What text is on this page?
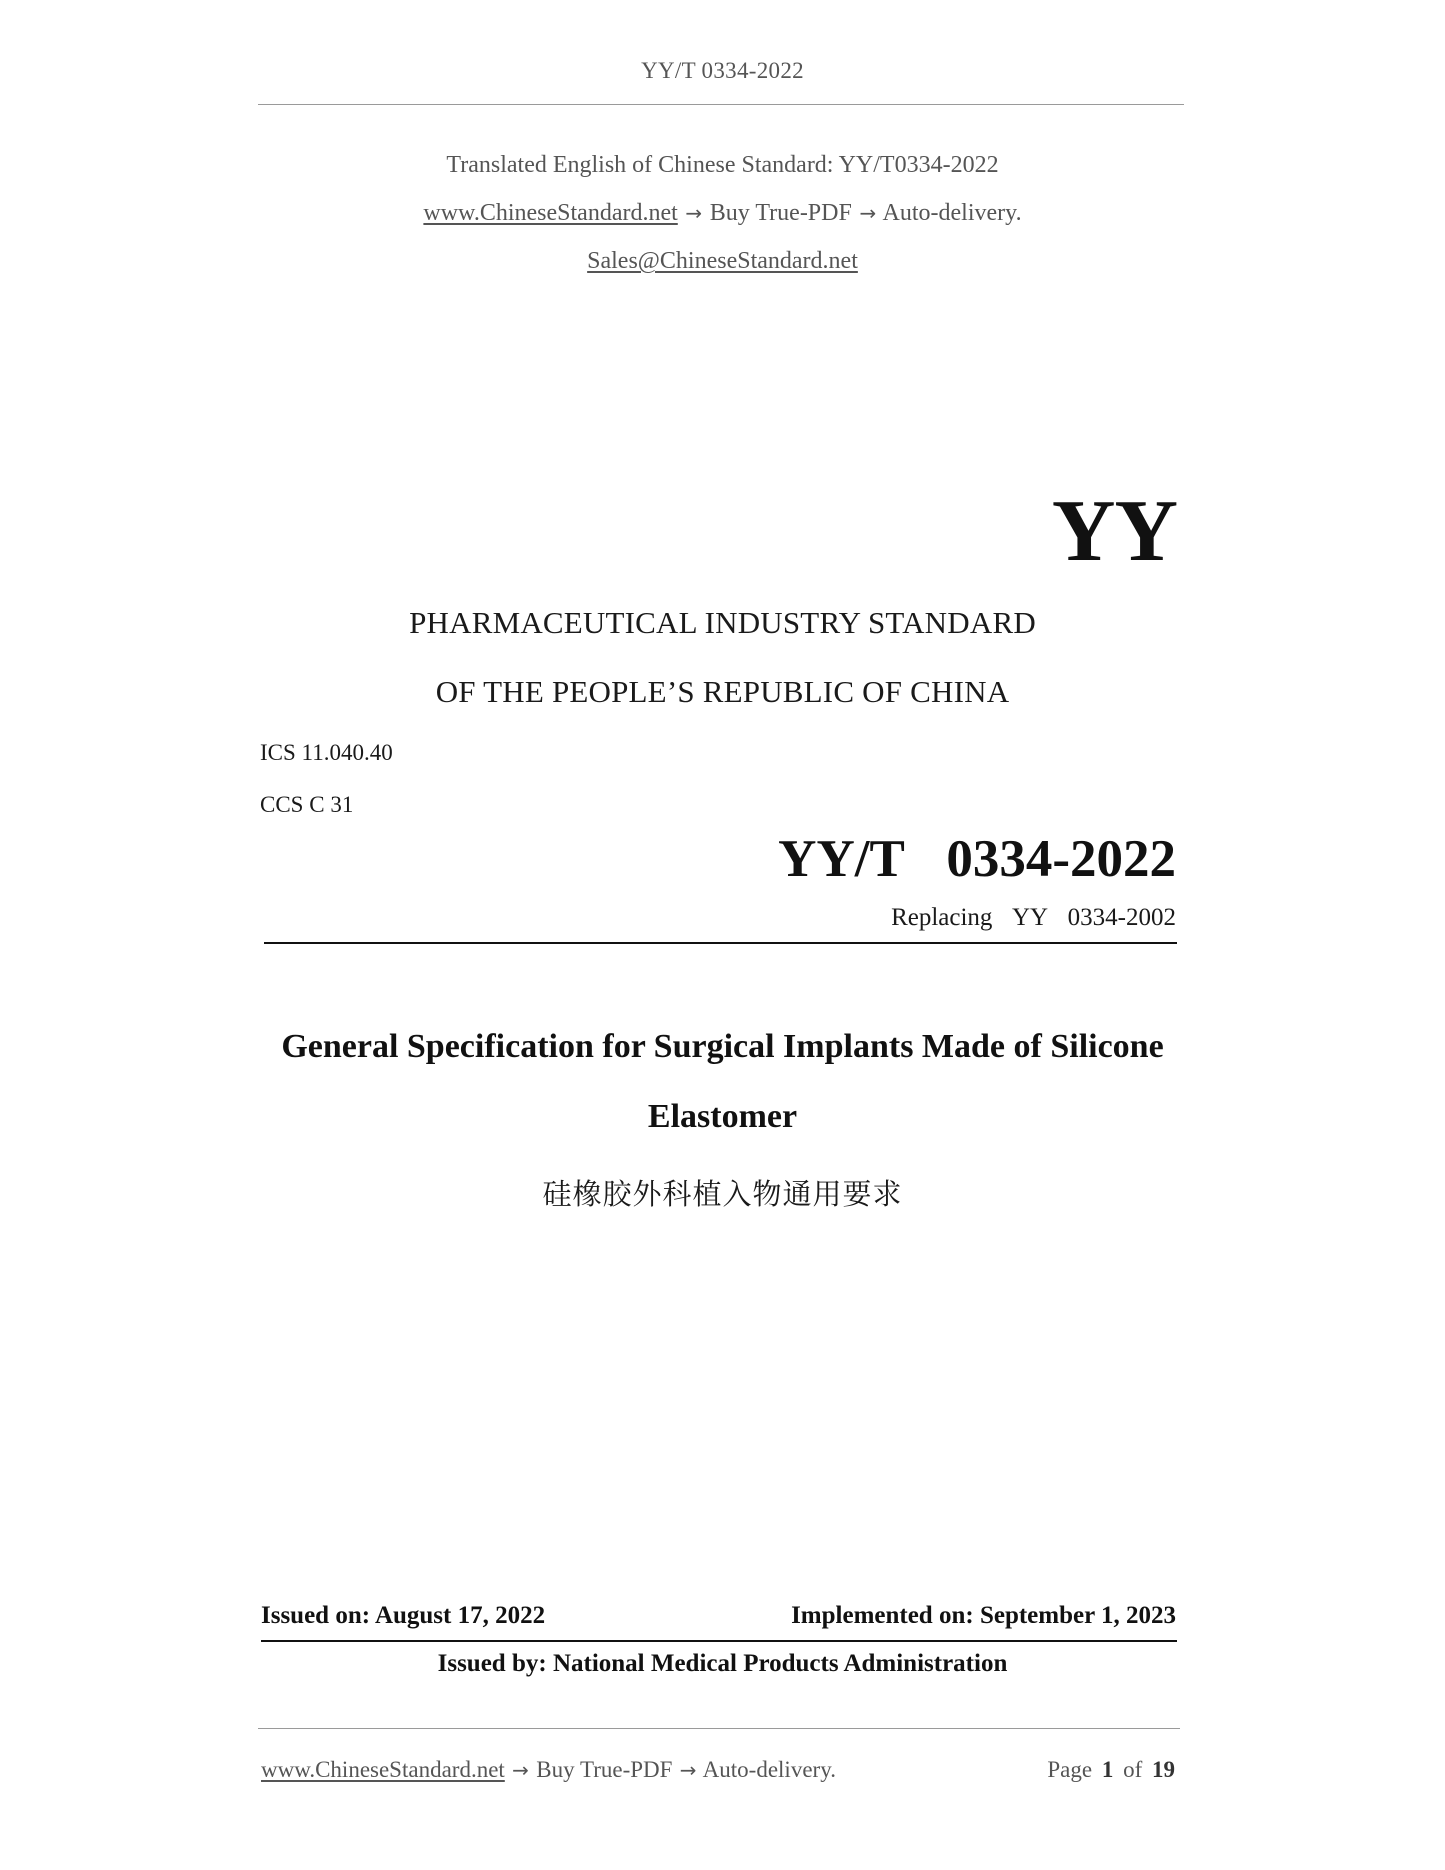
YY/T 0334-2022
Translated English of Chinese Standard: YY/T0334-2022
www.ChineseStandard.net → Buy True-PDF → Auto-delivery.
Sales@ChineseStandard.net
YY
PHARMACEUTICAL INDUSTRY STANDARD
OF THE PEOPLE’S REPUBLIC OF CHINA
ICS 11.040.40
CCS C 31
YY/T  0334-2022
Replacing  YY  0334-2002
General Specification for Surgical Implants Made of Silicone Elastomer
硅橡胶外科植入物通用要求
Issued on: August 17, 2022	Implemented on: September 1, 2023
Issued by: National Medical Products Administration
www.ChineseStandard.net → Buy True-PDF → Auto-delivery.	Page 1 of 19
